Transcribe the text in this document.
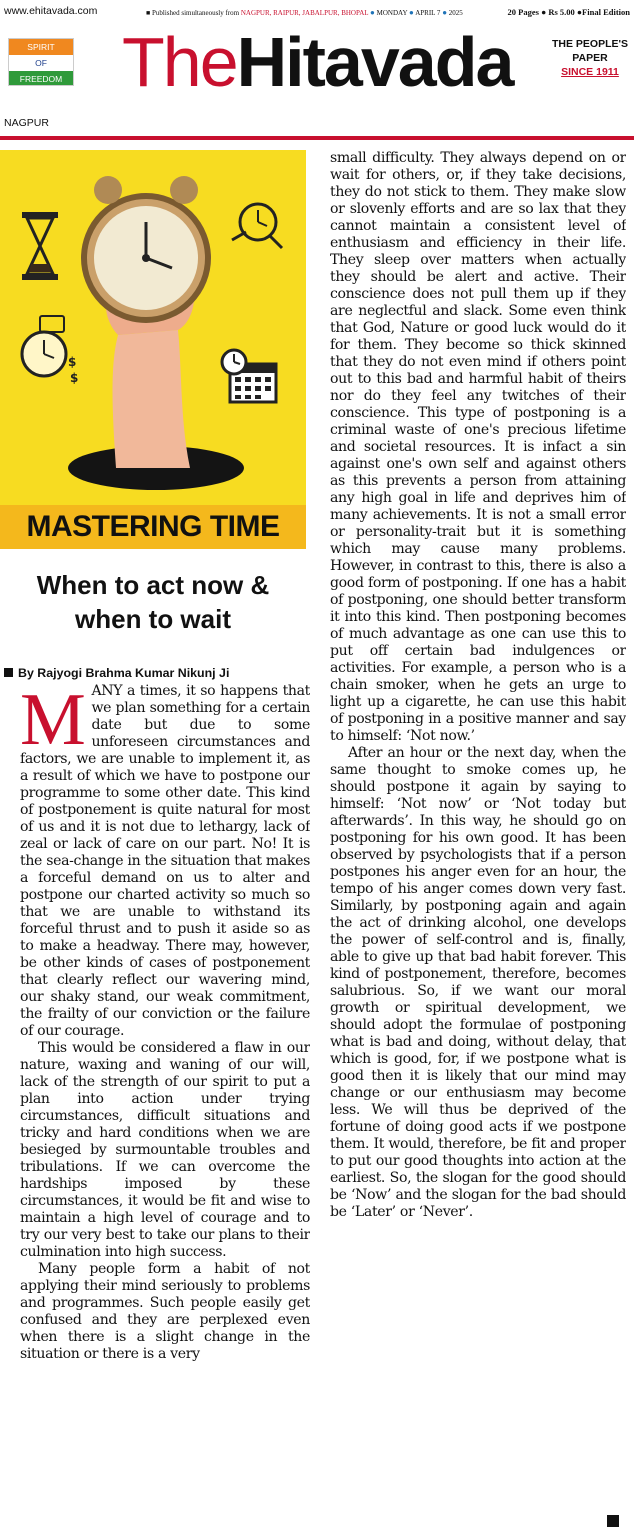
www.ehitavada.com	■ Published simultaneously from NAGPUR, RAIPUR, JABALPUR, BHOPAL ● MONDAY ● APRIL 7 ● 2025	20 Pages ● Rs 5.00 ●Final Edition
SPIRIT
OF
FREEDOM TheHitavada	THE PEOPLE'S
PAPER
SINCE 1911
NAGPUR
$
$
MASTERING TIME
When to act now &
when to wait
By Rajyogi Brahma Kumar Nikunj Ji

MANY a times, it so happens that we plan something for a certain date but due to some unforeseen circumstances and factors, we are unable to implement it, as a result of which we have to postpone our programme to some other date. This kind of postponement is quite natural for most of us and it is not due to lethargy, lack of zeal or lack of care on our part. No! It is the sea-change in the situation that makes a forceful demand on us to alter and postpone our charted activity so much so that we are unable to withstand its forceful thrust and to push it aside so as to make a headway. There may, however, be other kinds of cases of postponement that clearly reflect our wavering mind, our shaky stand, our weak commitment, the frailty of our conviction or the failure of our courage.

This would be considered a flaw in our nature, waxing and waning of our will, lack of the strength of our spirit to put a plan into action under trying circumstances, difficult situations and tricky and hard conditions when we are besieged by surmountable troubles and tribulations. If we can overcome the hardships imposed by these circumstances, it would be fit and wise to maintain a high level of courage and to try our very best to take our plans to their culmination into high success.

Many people form a habit of not applying their mind seriously to problems and programmes. Such people easily get confused and they are perplexed even when there is a slight change in the situation or there is a very

small difficulty. They always depend on or wait for others, or, if they take decisions, they do not stick to them. They make slow or slovenly efforts and are so lax that they cannot maintain a consistent level of enthusiasm and efficiency in their life. They sleep over matters when actually they should be alert and active. Their conscience does not pull them up if they are neglectful and slack. Some even think that God, Nature or good luck would do it for them. They become so thick skinned that they do not even mind if others point out to this bad and harmful habit of theirs nor do they feel any twitches of their conscience. This type of postponing is a criminal waste of one's precious lifetime and societal resources. It is infact a sin against one's own self and against others as this prevents a person from attaining any high goal in life and deprives him of many achievements. It is not a small error or personality-trait but it is something which may cause many problems. However, in contrast to this, there is also a good form of postponing. If one has a habit of postponing, one should better transform it into this kind. Then postponing becomes of much advantage as one can use this to put off certain bad indulgences or activities. For example, a person who is a chain smoker, when he gets an urge to light up a cigarette, he can use this habit of postponing in a positive manner and say to himself: ‘Not now.’

After an hour or the next day, when the same thought to smoke comes up, he should postpone it again by saying to himself: ‘Not now’ or ‘Not today but afterwards’. In this way, he should go on postponing for his own good. It has been observed by psychologists that if a person postpones his anger even for an hour, the tempo of his anger comes down very fast. Similarly, by postponing again and again the act of drinking alcohol, one develops the power of self-control and is, finally, able to give up that bad habit forever. This kind of postponement, therefore, becomes salubrious. So, if we want our moral growth or spiritual development, we should adopt the formulae of postponing what is bad and doing, without delay, that which is good, for, if we postpone what is good then it is likely that our mind may change or our enthusiasm may become less. We will thus be deprived of the fortune of doing good acts if we postpone them. It would, therefore, be fit and proper to put our good thoughts into action at the earliest. So, the slogan for the good should be ‘Now’ and the slogan for the bad should be ‘Later’ or ‘Never’.
